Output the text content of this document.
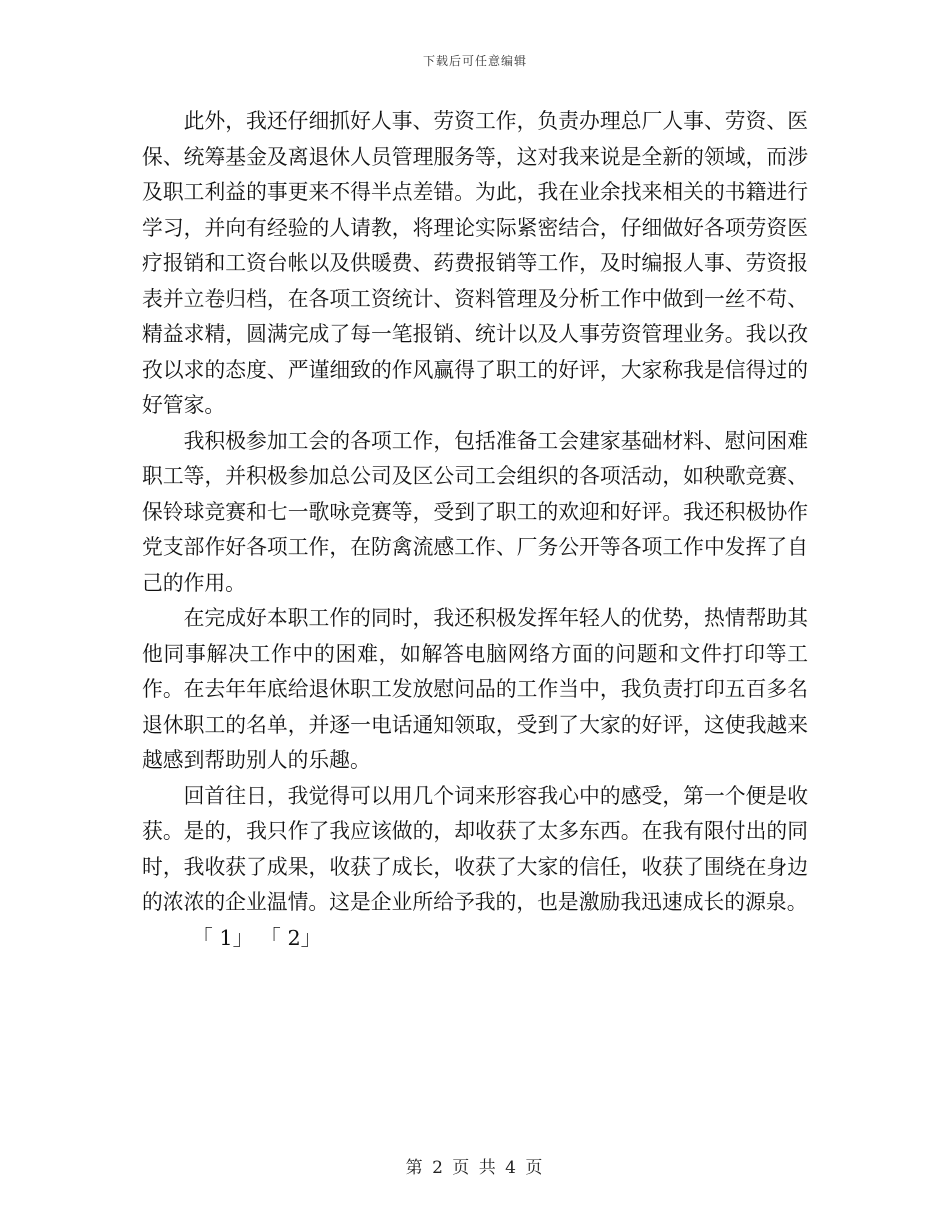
下载后可任意编辑

此外，我还仔细抓好人事、劳资工作，负责办理总厂人事、劳资、医保、统筹基金及离退休人员管理服务等，这对我来说是全新的领域，而涉及职工利益的事更来不得半点差错。为此，我在业余找来相关的书籍进行学习，并向有经验的人请教，将理论实际紧密结合，仔细做好各项劳资医疗报销和工资台帐以及供暖费、药费报销等工作，及时编报人事、劳资报表并立卷归档，在各项工资统计、资料管理及分析工作中做到一丝不苟、精益求精，圆满完成了每一笔报销、统计以及人事劳资管理业务。我以孜孜以求的态度、严谨细致的作风赢得了职工的好评，大家称我是信得过的好管家。

我积极参加工会的各项工作，包括准备工会建家基础材料、慰问困难职工等，并积极参加总公司及区公司工会组织的各项活动，如秧歌竞赛、保铃球竞赛和七一歌咏竞赛等，受到了职工的欢迎和好评。我还积极协作党支部作好各项工作，在防禽流感工作、厂务公开等各项工作中发挥了自己的作用。

在完成好本职工作的同时，我还积极发挥年轻人的优势，热情帮助其他同事解决工作中的困难，如解答电脑网络方面的问题和文件打印等工作。在去年年底给退休职工发放慰问品的工作当中，我负责打印五百多名退休职工的名单，并逐一电话通知领取，受到了大家的好评，这使我越来越感到帮助别人的乐趣。

回首往日，我觉得可以用几个词来形容我心中的感受，第一个便是收获。是的，我只作了我应该做的，却收获了太多东西。在我有限付出的同时，我收获了成果，收获了成长，收获了大家的信任，收获了围绕在身边的浓浓的企业温情。这是企业所给予我的，也是激励我迅速成长的源泉。

「 1」 「 2」

第 2 页 共 4 页
